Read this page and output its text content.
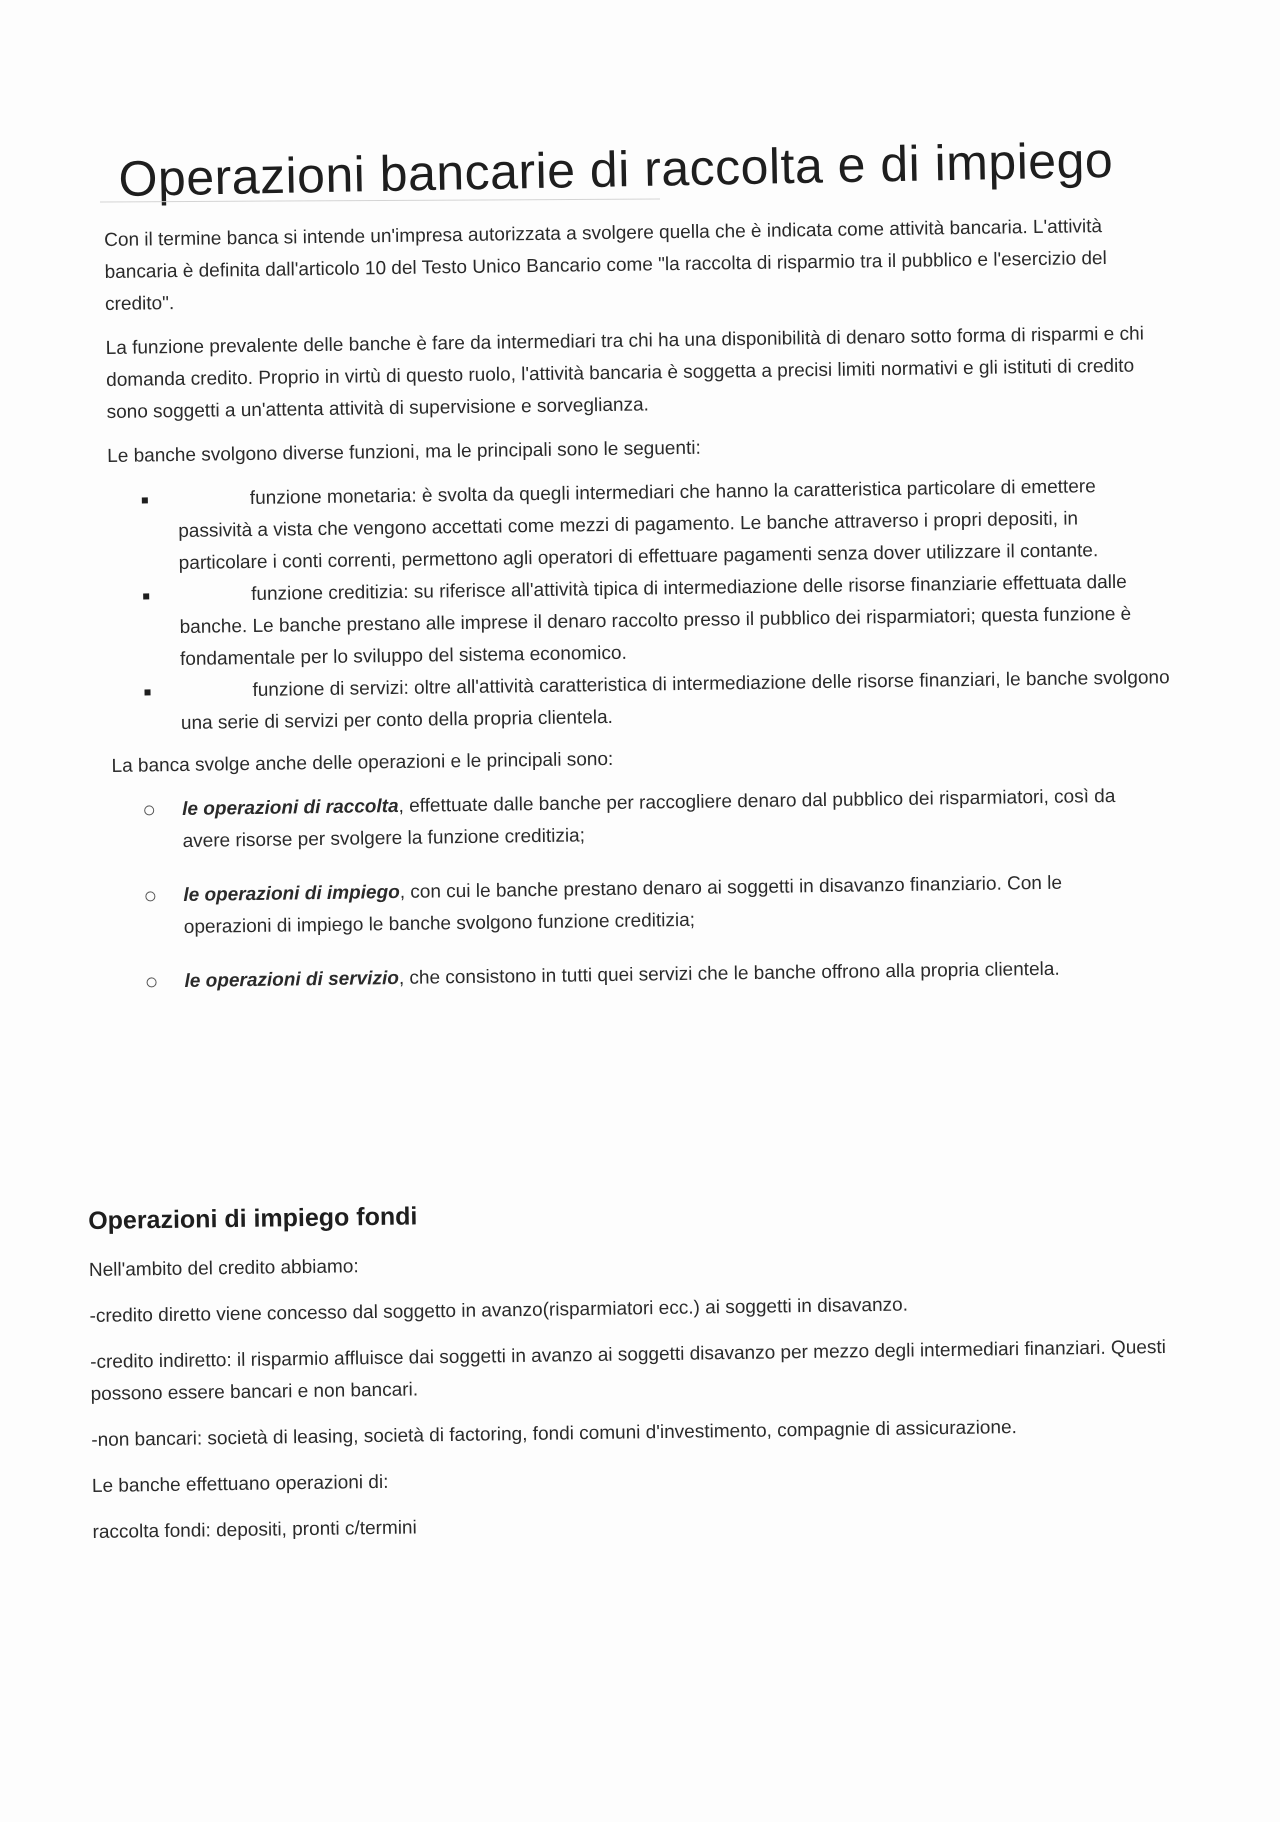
Operazioni bancarie di raccolta e di impiego

Con il termine banca si intende un'impresa autorizzata a svolgere quella che è indicata come attività bancaria. L'attività bancaria è definita dall'articolo 10 del Testo Unico Bancario come "la raccolta di risparmio tra il pubblico e l'esercizio del credito".

La funzione prevalente delle banche è fare da intermediari tra chi ha una disponibilità di denaro sotto forma di risparmi e chi domanda credito. Proprio in virtù di questo ruolo, l'attività bancaria è soggetta a precisi limiti normativi e gli istituti di credito sono soggetti a un'attenta attività di supervisione e sorveglianza.

Le banche svolgono diverse funzioni, ma le principali sono le seguenti:

funzione monetaria: è svolta da quegli intermediari che hanno la caratteristica particolare di emettere passività a vista che vengono accettati come mezzi di pagamento. Le banche attraverso i propri depositi, in particolare i conti correnti, permettono agli operatori di effettuare pagamenti senza dover utilizzare il contante.
funzione creditizia: su riferisce all'attività tipica di intermediazione delle risorse finanziarie effettuata dalle banche. Le banche prestano alle imprese il denaro raccolto presso il pubblico dei risparmiatori; questa funzione è fondamentale per lo sviluppo del sistema economico.
funzione di servizi: oltre all'attività caratteristica di intermediazione delle risorse finanziari, le banche svolgono una serie di servizi per conto della propria clientela.

La banca svolge anche delle operazioni e le principali sono:

le operazioni di raccolta, effettuate dalle banche per raccogliere denaro dal pubblico dei risparmiatori, così da avere risorse per svolgere la funzione creditizia;
le operazioni di impiego, con cui le banche prestano denaro ai soggetti in disavanzo finanziario. Con le operazioni di impiego le banche svolgono funzione creditizia;
le operazioni di servizio, che consistono in tutti quei servizi che le banche offrono alla propria clientela.
Operazioni di impiego fondi

Nell'ambito del credito abbiamo:

-credito diretto viene concesso dal soggetto in avanzo(risparmiatori ecc.) ai soggetti in disavanzo.

-credito indiretto: il risparmio affluisce dai soggetti in avanzo ai soggetti disavanzo per mezzo degli intermediari finanziari. Questi possono essere bancari e non bancari.

-non bancari: società di leasing, società di factoring, fondi comuni d'investimento, compagnie di assicurazione.

Le banche effettuano operazioni di:

raccolta fondi: depositi, pronti c/termini
